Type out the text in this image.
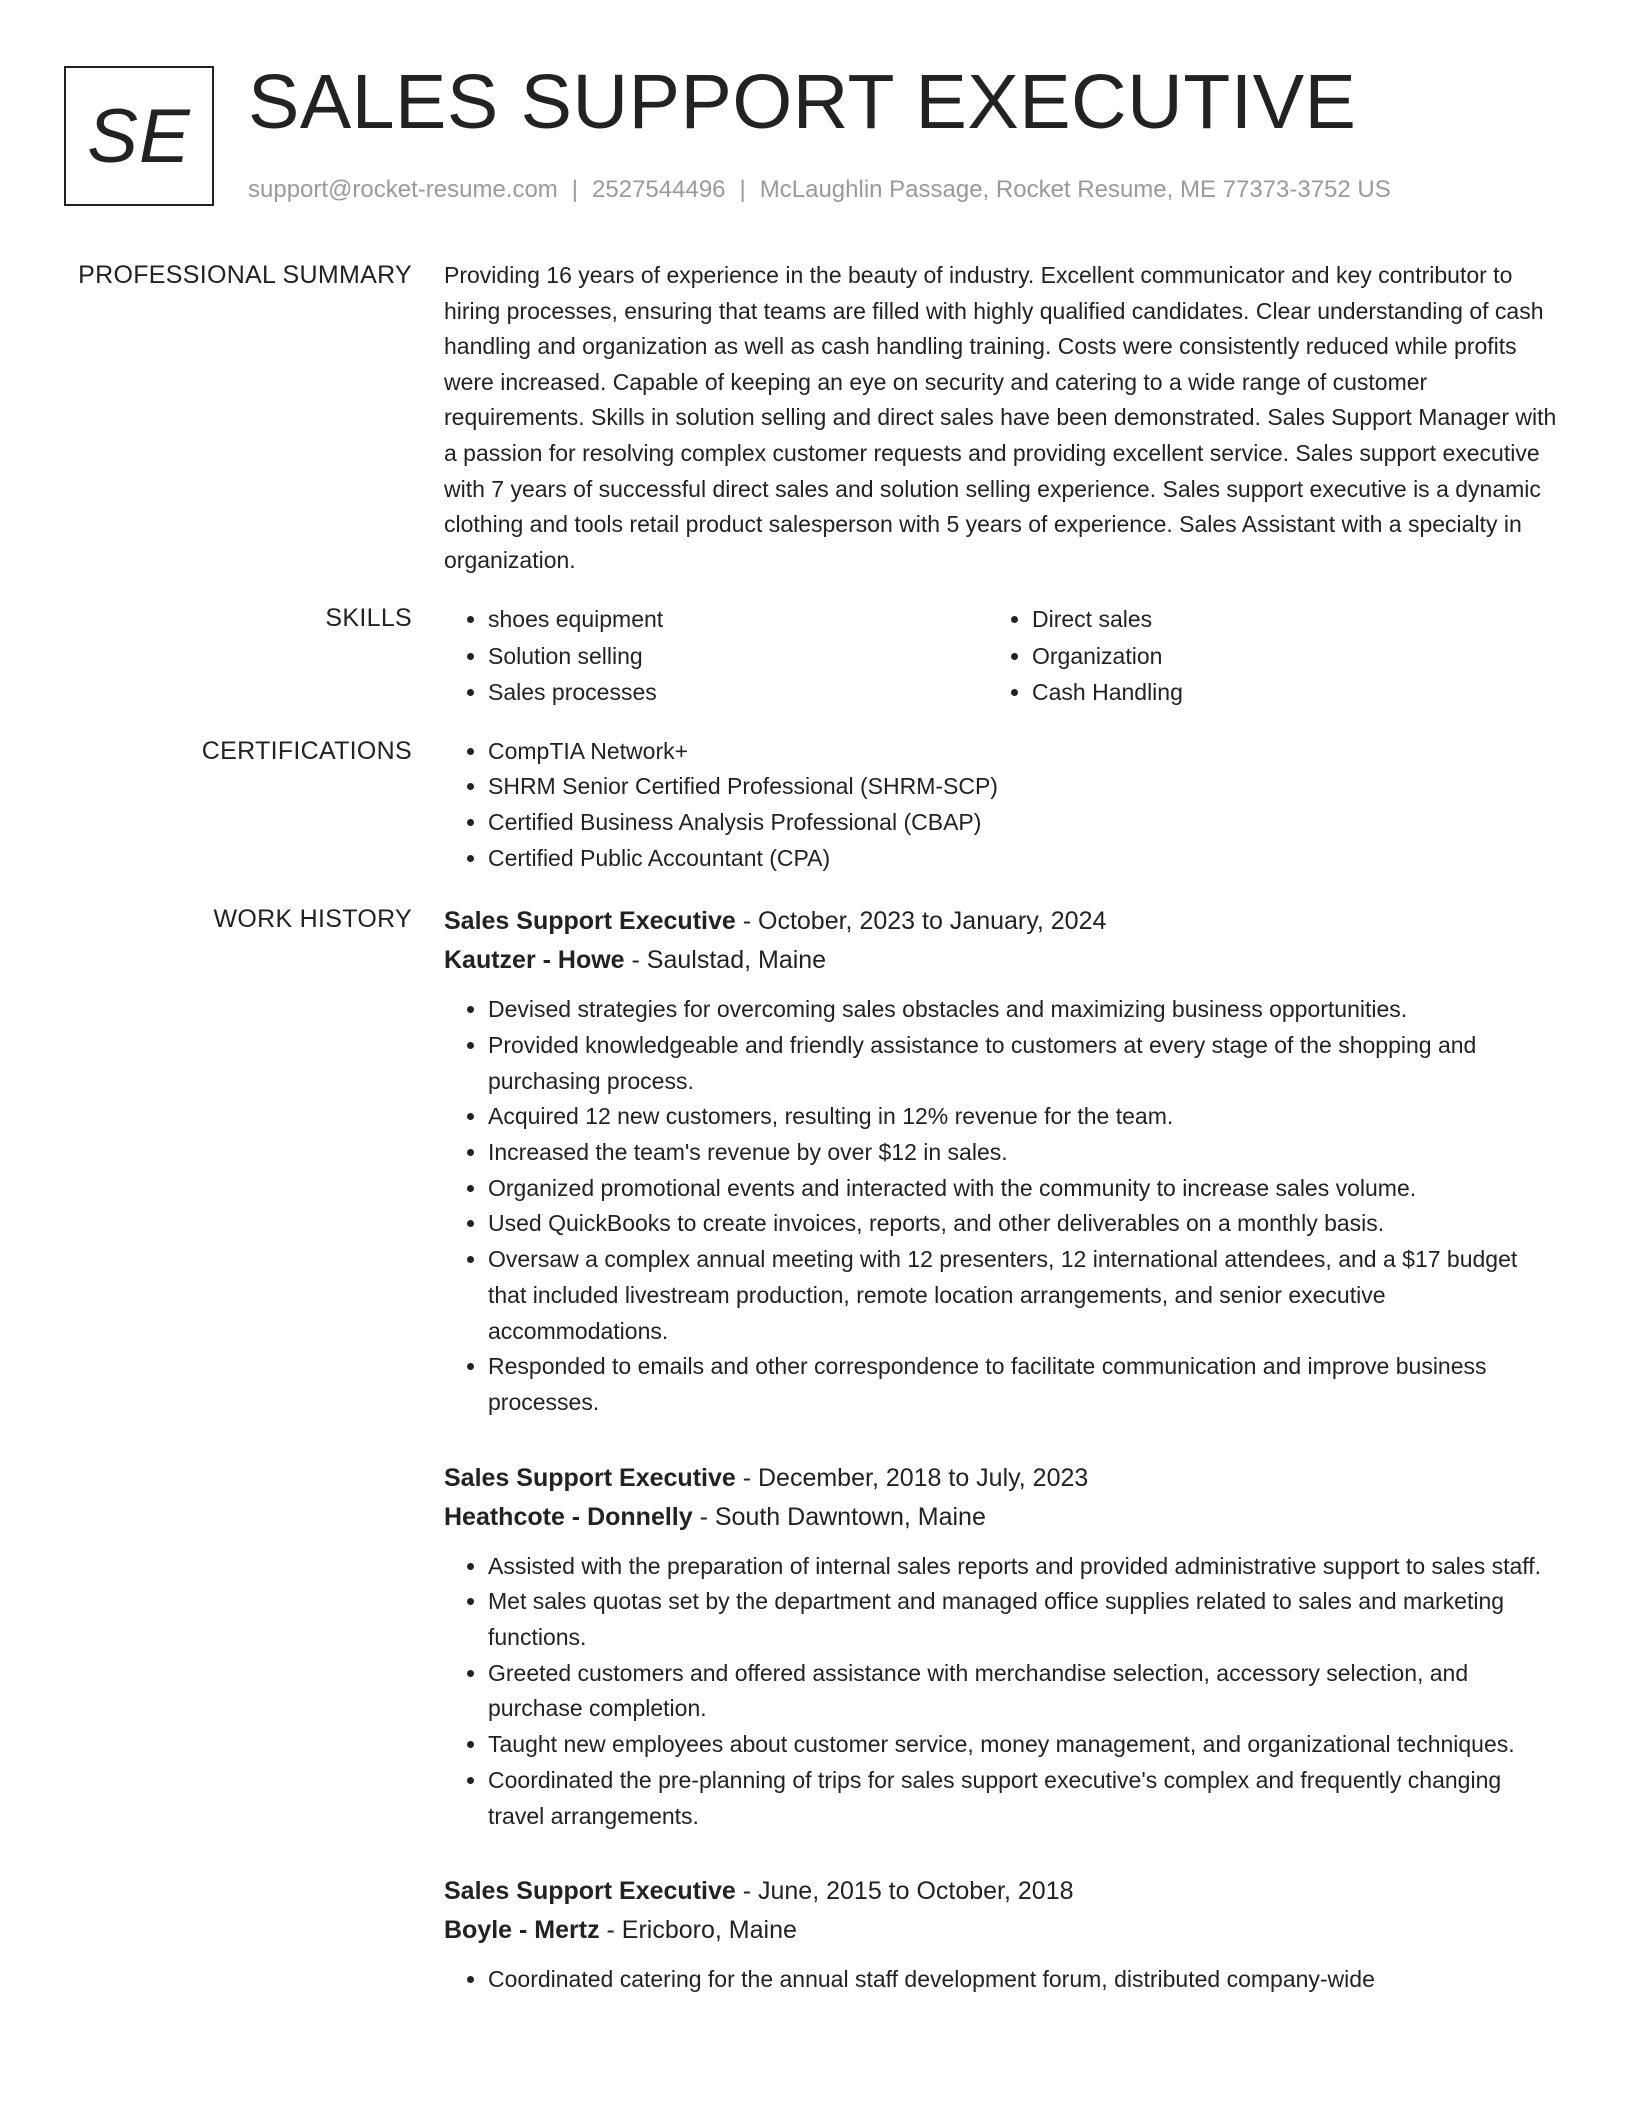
SE SALES SUPPORT EXECUTIVE
support@rocket-resume.com | 2527544496 | McLaughlin Passage, Rocket Resume, ME 77373-3752 US
PROFESSIONAL SUMMARY Providing 16 years of experience in the beauty of industry. Excellent communicator and key contributor to hiring processes, ensuring that teams are filled with highly qualified candidates. Clear understanding of cash handling and organization as well as cash handling training. Costs were consistently reduced while profits were increased. Capable of keeping an eye on security and catering to a wide range of customer requirements. Skills in solution selling and direct sales have been demonstrated. Sales Support Manager with a passion for resolving complex customer requests and providing excellent service. Sales support executive with 7 years of successful direct sales and solution selling experience. Sales support executive is a dynamic clothing and tools retail product salesperson with 5 years of experience. Sales Assistant with a specialty in organization.

SKILLS	• shoes equipment
• Solution selling
• Sales processes
• Direct sales
• Organization
• Cash Handling
CERTIFICATIONS	• CompTIA Network+
• SHRM Senior Certified Professional (SHRM-SCP)
• Certified Business Analysis Professional (CBAP)
• Certified Public Accountant (CPA)
WORK HISTORY Sales Support Executive - October, 2023 to January, 2024
Kautzer - Howe - Saulstad, Maine
• Devised strategies for overcoming sales obstacles and maximizing business opportunities.
• Provided knowledgeable and friendly assistance to customers at every stage of the shopping and purchasing process.
• Acquired 12 new customers, resulting in 12% revenue for the team.
• Increased the team's revenue by over $12 in sales.
• Organized promotional events and interacted with the community to increase sales volume.
• Used QuickBooks to create invoices, reports, and other deliverables on a monthly basis.
• Oversaw a complex annual meeting with 12 presenters, 12 international attendees, and a $17 budget that included livestream production, remote location arrangements, and senior executive accommodations.
• Responded to emails and other correspondence to facilitate communication and improve business processes.
Sales Support Executive - December, 2018 to July, 2023
Heathcote - Donnelly - South Dawntown, Maine
• Assisted with the preparation of internal sales reports and provided administrative support to sales staff.
• Met sales quotas set by the department and managed office supplies related to sales and marketing functions.
• Greeted customers and offered assistance with merchandise selection, accessory selection, and purchase completion.
• Taught new employees about customer service, money management, and organizational techniques.
• Coordinated the pre-planning of trips for sales support executive's complex and frequently changing travel arrangements.
Sales Support Executive - June, 2015 to October, 2018
Boyle - Mertz - Ericboro, Maine
• Coordinated catering for the annual staff development forum, distributed company-wide
